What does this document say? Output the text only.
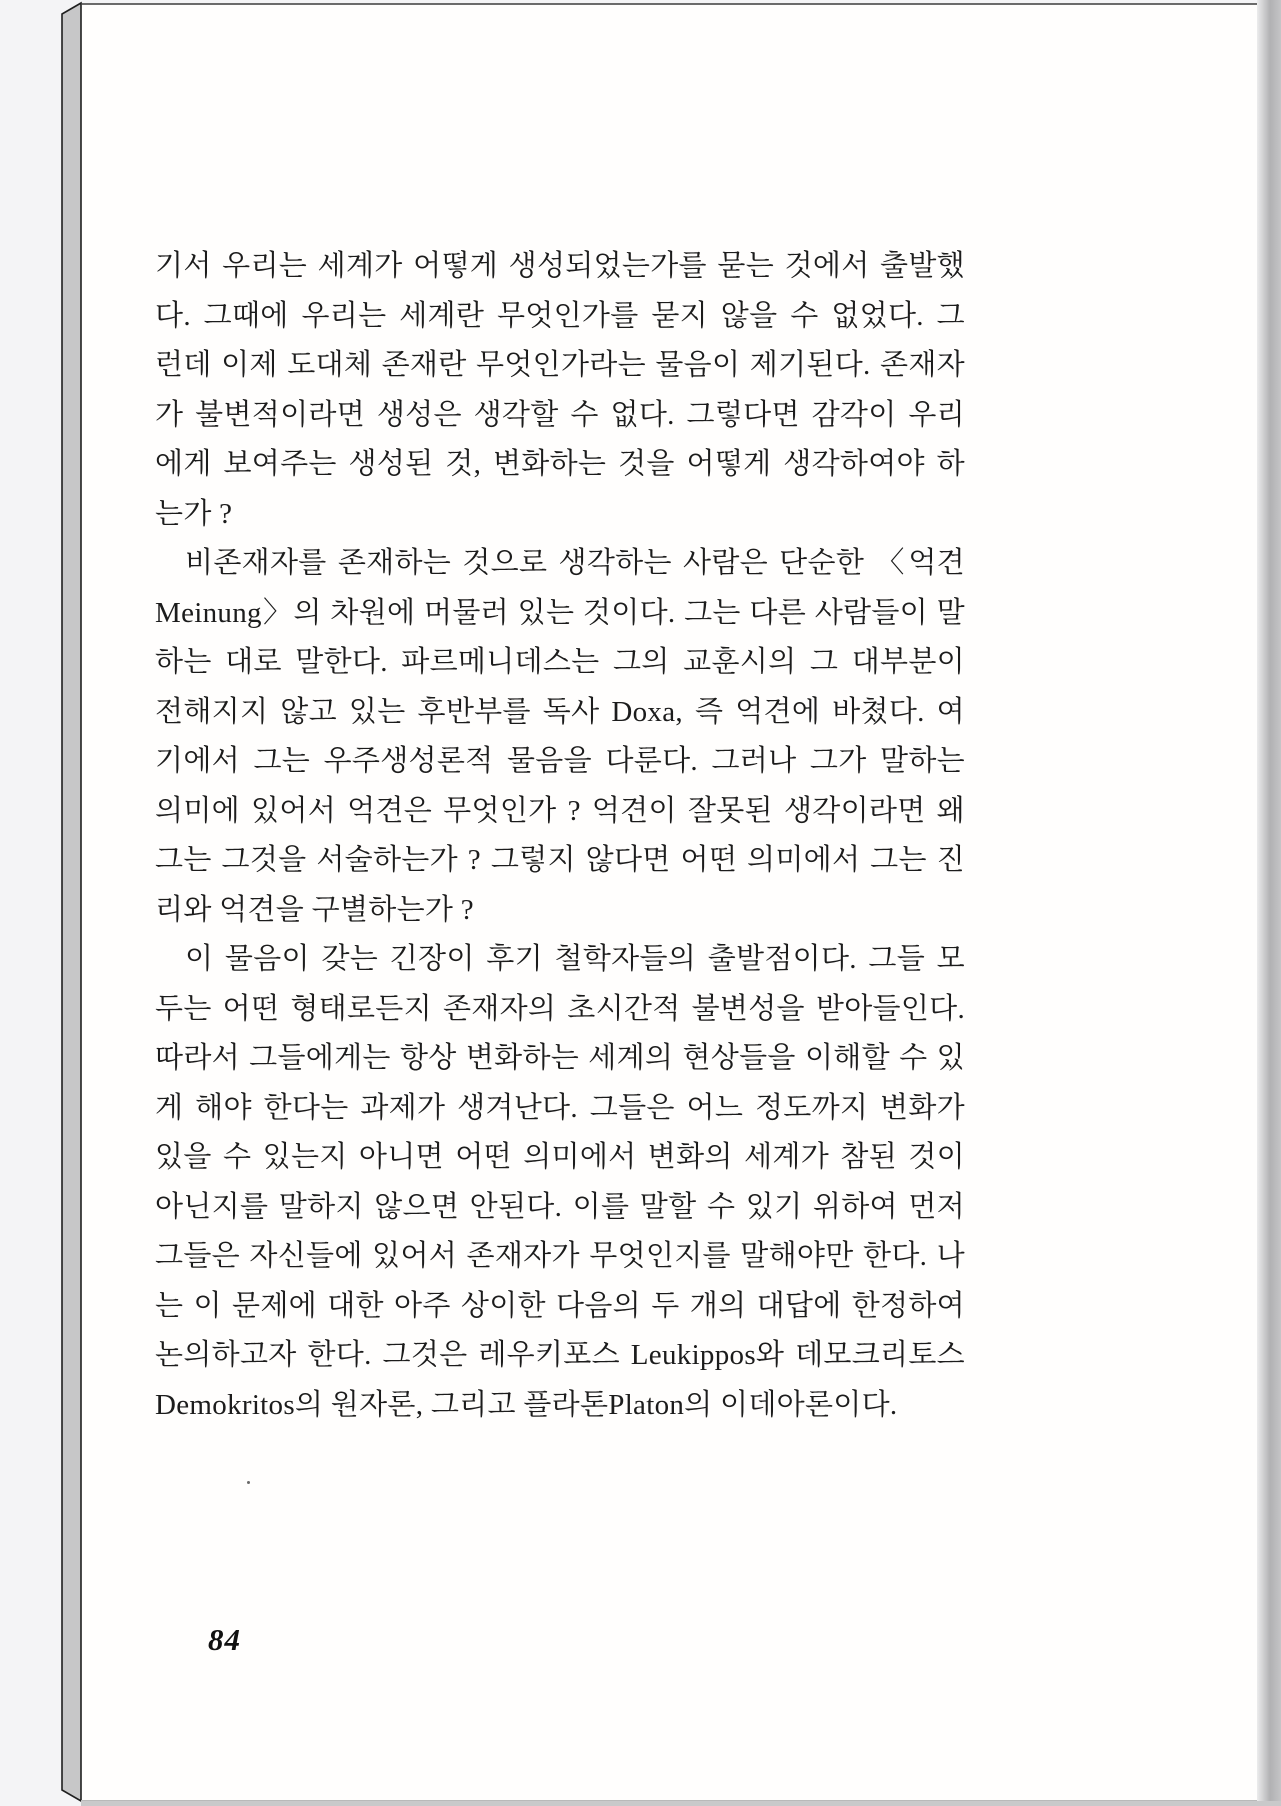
기서 우리는 세계가 어떻게 생성되었는가를 묻는 것에서 출발했

다. 그때에 우리는 세계란 무엇인가를 묻지 않을 수 없었다. 그

런데 이제 도대체 존재란 무엇인가라는 물음이 제기된다. 존재자

가 불변적이라면 생성은 생각할 수 없다. 그렇다면 감각이 우리

에게 보여주는 생성된 것, 변화하는 것을 어떻게 생각하여야 하

는가 ?

비존재자를 존재하는 것으로 생각하는 사람은 단순한 〈억견

Meinung〉의 차원에 머물러 있는 것이다. 그는 다른 사람들이 말

하는 대로 말한다. 파르메니데스는 그의 교훈시의 그 대부분이

전해지지 않고 있는 후반부를 독사 Doxa, 즉 억견에 바쳤다. 여

기에서 그는 우주생성론적 물음을 다룬다. 그러나 그가 말하는

의미에 있어서 억견은 무엇인가 ? 억견이 잘못된 생각이라면 왜

그는 그것을 서술하는가 ? 그렇지 않다면 어떤 의미에서 그는 진

리와 억견을 구별하는가 ?

이 물음이 갖는 긴장이 후기 철학자들의 출발점이다. 그들 모

두는 어떤 형태로든지 존재자의 초시간적 불변성을 받아들인다.

따라서 그들에게는 항상 변화하는 세계의 현상들을 이해할 수 있

게 해야 한다는 과제가 생겨난다. 그들은 어느 정도까지 변화가

있을 수 있는지 아니면 어떤 의미에서 변화의 세계가 참된 것이

아닌지를 말하지 않으면 안된다. 이를 말할 수 있기 위하여 먼저

그들은 자신들에 있어서 존재자가 무엇인지를 말해야만 한다. 나

는 이 문제에 대한 아주 상이한 다음의 두 개의 대답에 한정하여

논의하고자 한다. 그것은 레우키포스 Leukippos와 데모크리토스

Demokritos의 원자론, 그리고 플라톤Platon의 이데아론이다.

84
